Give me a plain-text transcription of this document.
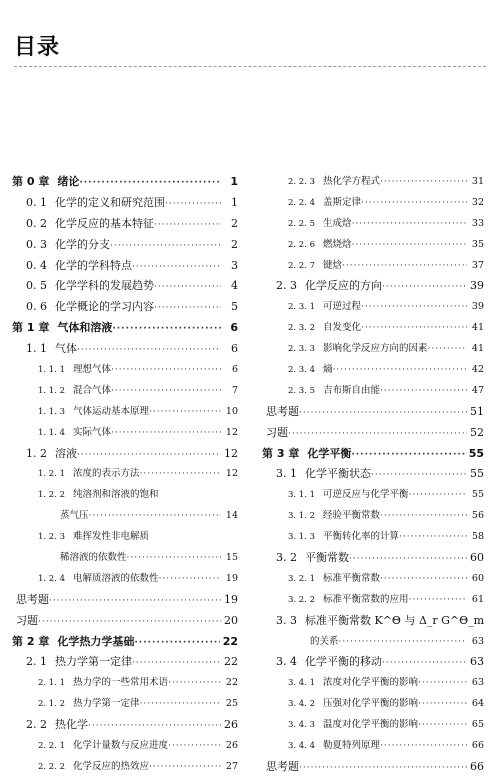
目录
第 0 章 绪论 ·····	1
0. 1 化学的定义和研究范围 ·····	1
0. 2 化学反应的基本特征 ·····	2
0. 3 化学的分支 ·····	2
0. 4 化学的学科特点 ·····	3
0. 5 化学学科的发展趋势 ·····	4
0. 6 化学概论的学习内容 ·····	5
第 1 章 气体和溶液 ·····	6
1. 1 气体 ·····	6
1. 1. 1 理想气体 ·····	6
1. 1. 2 混合气体 ·····	7
1. 1. 3 气体运动基本原理 ·····	10
1. 1. 4 实际气体 ·····	12
1. 2 溶液 ·····	12
1. 2. 1 浓度的表示方法 ·····	12
1. 2. 2 纯溶剂和溶液的饱和
蒸气压 ·····	14
1. 2. 3 难挥发性非电解质
稀溶液的依数性 ·····	15
1. 2. 4 电解质溶液的依数性 ·····	19
思考题 ·····	19
习题 ·····	20
第 2 章 化学热力学基础 ·····	22
2. 1 热力学第一定律 ·····	22
2. 1. 1 热力学的一些常用术语 ·····	22
2. 1. 2 热力学第一定律 ·····	25
2. 2 热化学 ·····	26
2. 2. 1 化学计量数与反应进度 ·····	26
2. 2. 2 化学反应的热效应 ·····	27
2. 2. 3 热化学方程式 ·····	31
2. 2. 4 盖斯定律 ·····	32
2. 2. 5 生成焓 ·····	33
2. 2. 6 燃烧焓 ·····	35
2. 2. 7 键焓 ·····	37
2. 3 化学反应的方向 ·····	39
2. 3. 1 可逆过程 ·····	39
2. 3. 2 自发变化 ·····	41
2. 3. 3 影响化学反应方向的因素 ·····	41
2. 3. 4 熵 ·····	42
2. 3. 5 吉布斯自由能 ·····	47
思考题 ·····	51
习题 ·····	52
第 3 章 化学平衡 ·····	55
3. 1 化学平衡状态 ·····	55
3. 1. 1 可逆反应与化学平衡 ·····	55
3. 1. 2 经验平衡常数 ·····	56
3. 1. 3 平衡转化率的计算 ·····	58
3. 2 平衡常数 ·····	60
3. 2. 1 标准平衡常数 ·····	60
3. 2. 2 标准平衡常数的应用 ·····	61
3. 3 标准平衡常数 K^Θ 与 Δ_r G^Θ_m
的关系 ·····	63
3. 4 化学平衡的移动 ·····	63
3. 4. 1 浓度对化学平衡的影响 ·····	63
3. 4. 2 压强对化学平衡的影响 ·····	64
3. 4. 3 温度对化学平衡的影响 ·····	65
3. 4. 4 勒夏特列原理 ·····	66
思考题 ·····	66
